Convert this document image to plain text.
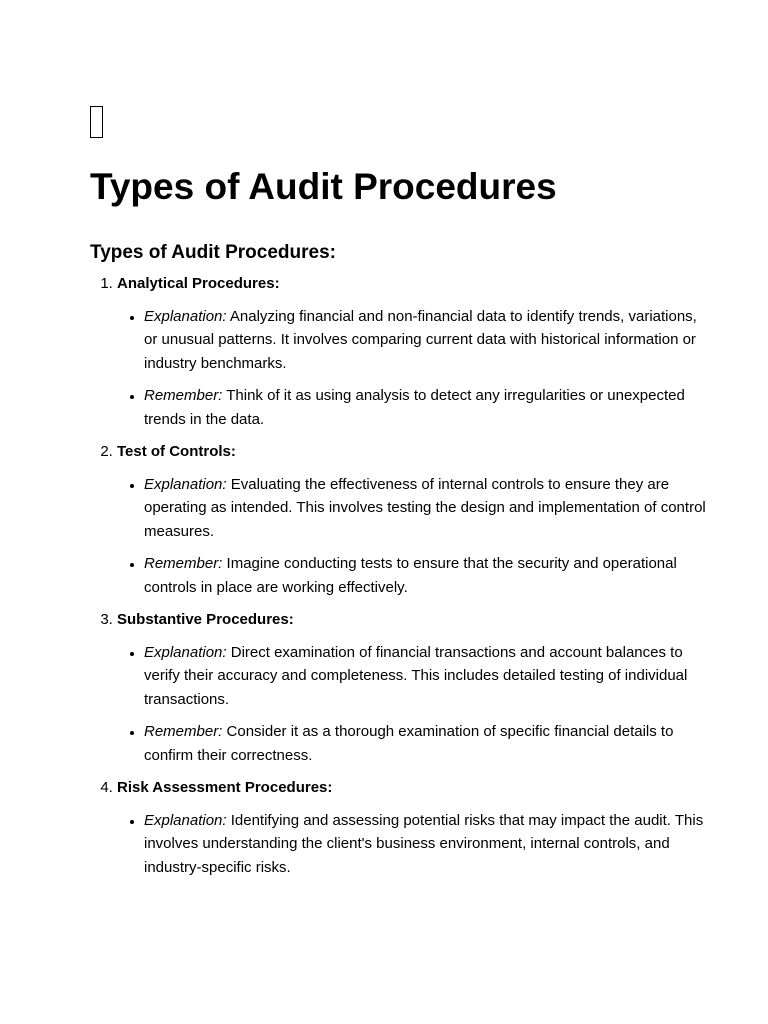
Types of Audit Procedures
Types of Audit Procedures:
1. Analytical Procedures:
• Explanation: Analyzing financial and non-financial data to identify trends, variations, or unusual patterns. It involves comparing current data with historical information or industry benchmarks.
• Remember: Think of it as using analysis to detect any irregularities or unexpected trends in the data.
2. Test of Controls:
• Explanation: Evaluating the effectiveness of internal controls to ensure they are operating as intended. This involves testing the design and implementation of control measures.
• Remember: Imagine conducting tests to ensure that the security and operational controls in place are working effectively.
3. Substantive Procedures:
• Explanation: Direct examination of financial transactions and account balances to verify their accuracy and completeness. This includes detailed testing of individual transactions.
• Remember: Consider it as a thorough examination of specific financial details to confirm their correctness.
4. Risk Assessment Procedures:
• Explanation: Identifying and assessing potential risks that may impact the audit. This involves understanding the client's business environment, internal controls, and industry-specific risks.
